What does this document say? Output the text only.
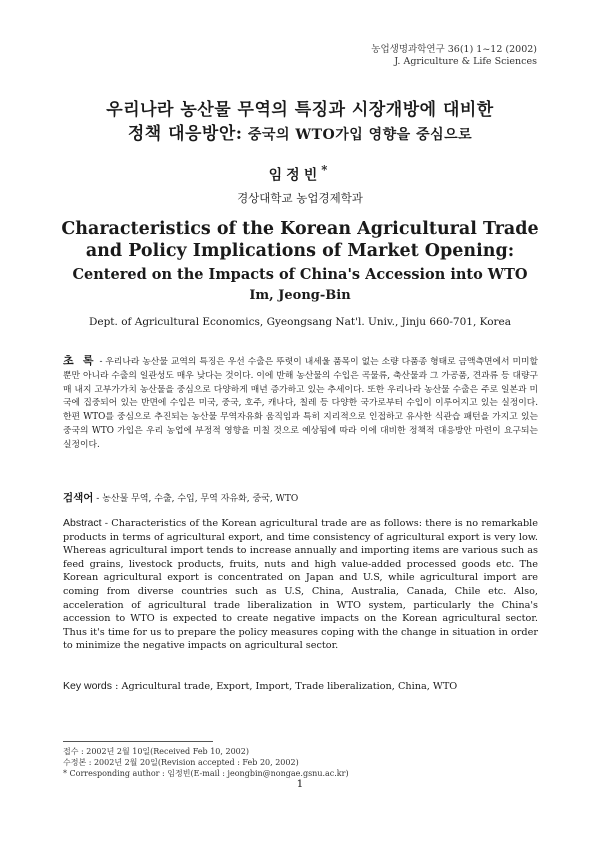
농업생명과학연구 36(1) 1~12 (2002)
J. Agriculture & Life Sciences
우리나라 농산물 무역의 특징과 시장개방에 대비한
정책 대응방안: 중국의 WTO가입 영향을 중심으로
임정빈*
경상대학교 농업경제학과
Characteristics of the Korean Agricultural Trade and Policy Implications of Market Opening: Centered on the Impacts of China's Accession into WTO
Im, Jeong-Bin
Dept. of Agricultural Economics, Gyeongsang Nat'l. Univ., Jinju 660-701, Korea
초 록 - 우리나라 농산물 교역의 특징은 우선 수출은 뚜렷이 내세울 품목이 없는 소량 다품종 형태로 금액측면에서 미미할 뿐만 아니라 수출의 일관성도 매우 낮다는 것이다. 이에 반해 농산물의 수입은 곡물류, 축산물과 그 가공품, 견과류 등 대량구매 내지 고부가가치 농산물을 중심으로 다양하게 매년 증가하고 있는 추세이다. 또한 우리나라 농산물 수출은 주로 일본과 미국에 집중되어 있는 반면에 수입은 미국, 중국, 호주, 캐나다, 칠레 등 다양한 국가로부터 수입이 이루어지고 있는 실정이다. 한편 WTO를 중심으로 추진되는 농산물 무역자유화 움직임과 특히 지리적으로 인접하고 유사한 식관습 패턴을 가지고 있는 중국의 WTO 가입은 우리 농업에 부정적 영향을 미칠 것으로 예상됨에 따라 이에 대비한 정책적 대응방안 마련이 요구되는 실정이다.
검색어 - 농산물 무역, 수출, 수입, 무역 자유화, 중국, WTO
Abstract - Characteristics of the Korean agricultural trade are as follows: there is no remarkable products in terms of agricultural export, and time consistency of agricultural export is very low. Whereas agricultural import tends to increase annually and importing items are various such as feed grains, livestock products, fruits, nuts and high value-added processed goods etc. The Korean agricultural export is concentrated on Japan and U.S, while agricultural import are coming from diverse countries such as U.S, China, Australia, Canada, Chile etc. Also, acceleration of agricultural trade liberalization in WTO system, particularly the China's accession to WTO is expected to create negative impacts on the Korean agricultural sector. Thus it's time for us to prepare the policy measures coping with the change in situation in order to minimize the negative impacts on agricultural sector.
Key words : Agricultural trade, Export, Import, Trade liberalization, China, WTO
접수 : 2002년 2월 10일(Received Feb 10, 2002)
수정본 : 2002년 2월 20일(Revision accepted : Feb 20, 2002)
* Corresponding author : 임정빈(E-mail : jeongbin@nongae.gsnu.ac.kr)
1
